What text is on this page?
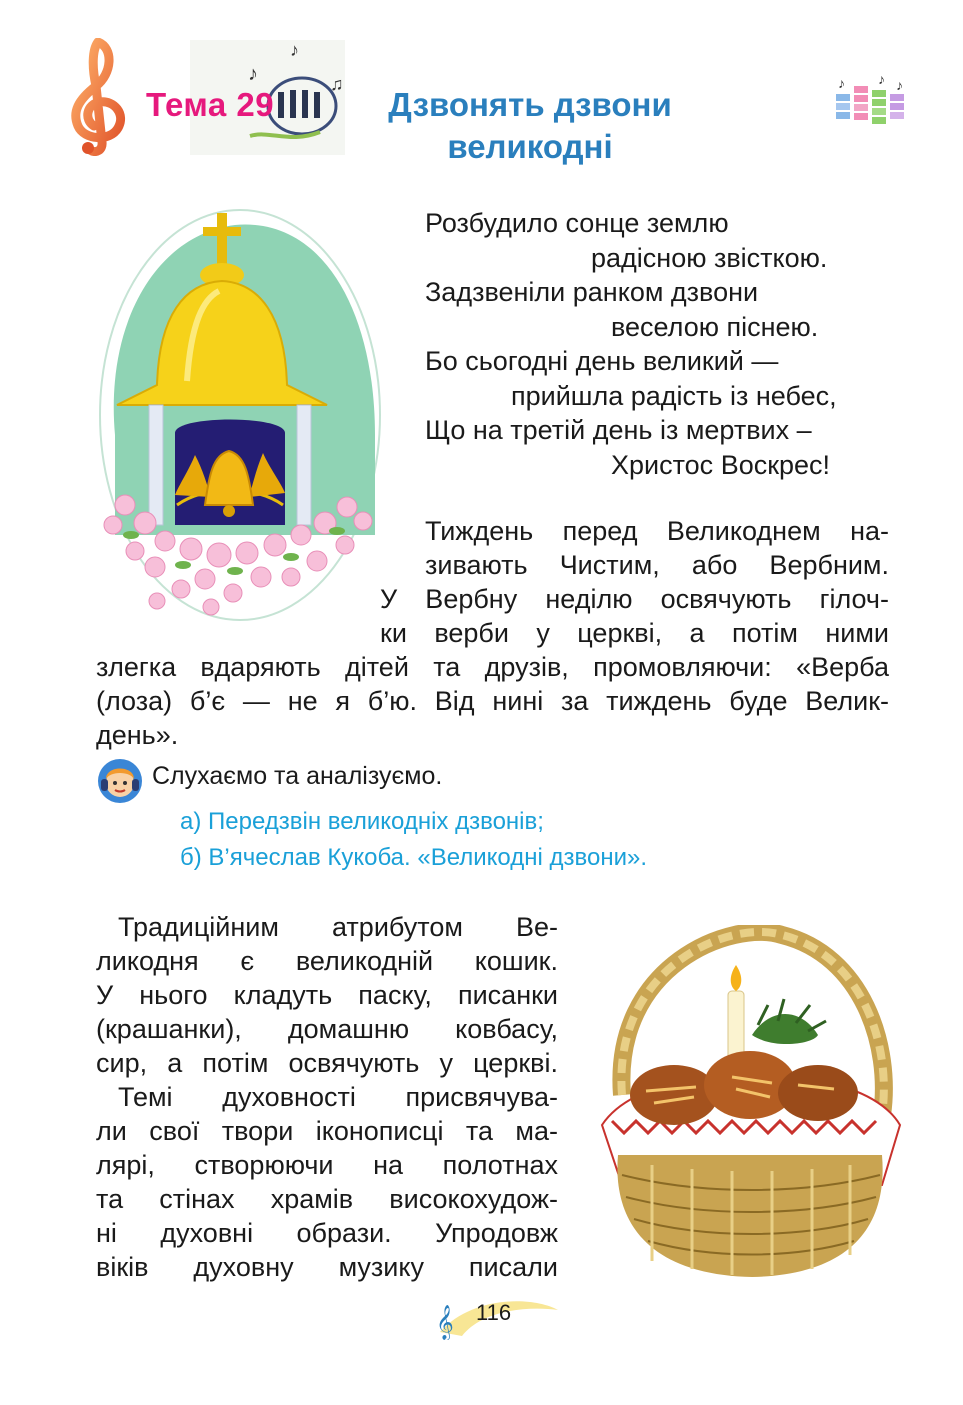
♪
♪
♫
Тема 29	Дзвонять дзвони
великодні
♪ ♪ ♪
Розбудило сонце землю
радісною звісткою.
Задзвеніли ранком дзвони
веселою піснею.
Бо сьогодні день великий —
прийшла радість із небес,
Що на третій день із мертвих –
Христос Воскрес!
Тиждень перед Великоднем на-
зивають Чистим, або Вербним.
У Вербну неділю освячують гілоч-
ки верби у церкві, а потім ними
злегка вдаряють дітей та друзів, промовляючи: «Верба
(лоза) б’є — не я б’ю. Від нині за тиждень буде Велик-
день».
Слухаємо та аналізуємо.
а) Передзвін великодніх дзвонів;
б) В’ячеслав Кукоба. «Великодні дзвони».
Традиційним атрибутом Ве-
ликодня є великодній кошик.
У нього кладуть паску, писанки
(крашанки), домашню ковбасу,
сир, а потім освячують у церкві.
Темі духовності присвячува-
ли свої твори іконописці та ма-
лярі, створюючи на полотнах
та стінах храмів високохудож-
ні духовні образи. Упродовж
віків духовну музику писали
𝄞 116
